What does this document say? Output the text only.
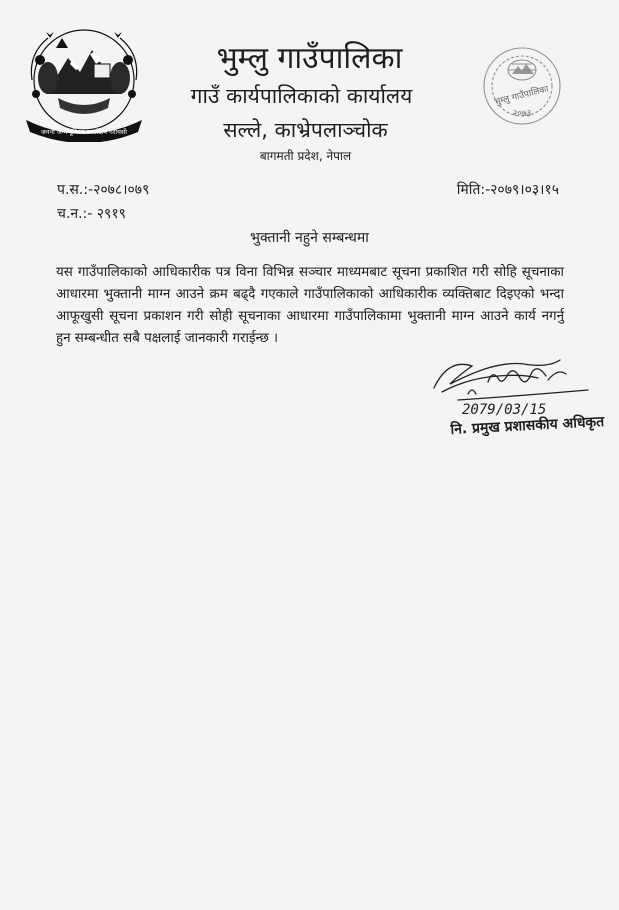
जननी जन्मभूमिश्च स्वर्गादपि गरीयसी
भुम्लु गाउँपालिका
२०७३
भुम्लु गाउँपालिका
गाउँ कार्यपालिकाको कार्यालय
सल्ले, काभ्रेपलाञ्चोक
बागमती प्रदेश, नेपाल
प.स.:-२०७८।०७९
च.न.:- २९१९
मिति:-२०७९।०३।१५
भुक्तानी नहुने सम्बन्धमा
यस गाउँपालिकाको आधिकारीक पत्र विना विभिन्न सञ्चार माध्यमबाट सूचना प्रकाशित गरी सोहि सूचनाका आधारमा भुक्तानी माग्न आउने क्रम बढ्दै गएकाले गाउँपालिकाको आधिकारीक व्यक्तिबाट दिइएको भन्दा आफूखुसी सूचना प्रकाशन गरी सोही सूचनाका आधारमा गाउँपालिकामा भुक्तानी माग्न आउने कार्य नगर्नु हुन सम्बन्धीत सबै पक्षलाई जानकारी गराईन्छ ।
2079/03/15
नि. प्रमुख प्रशासकीय अधिकृत
